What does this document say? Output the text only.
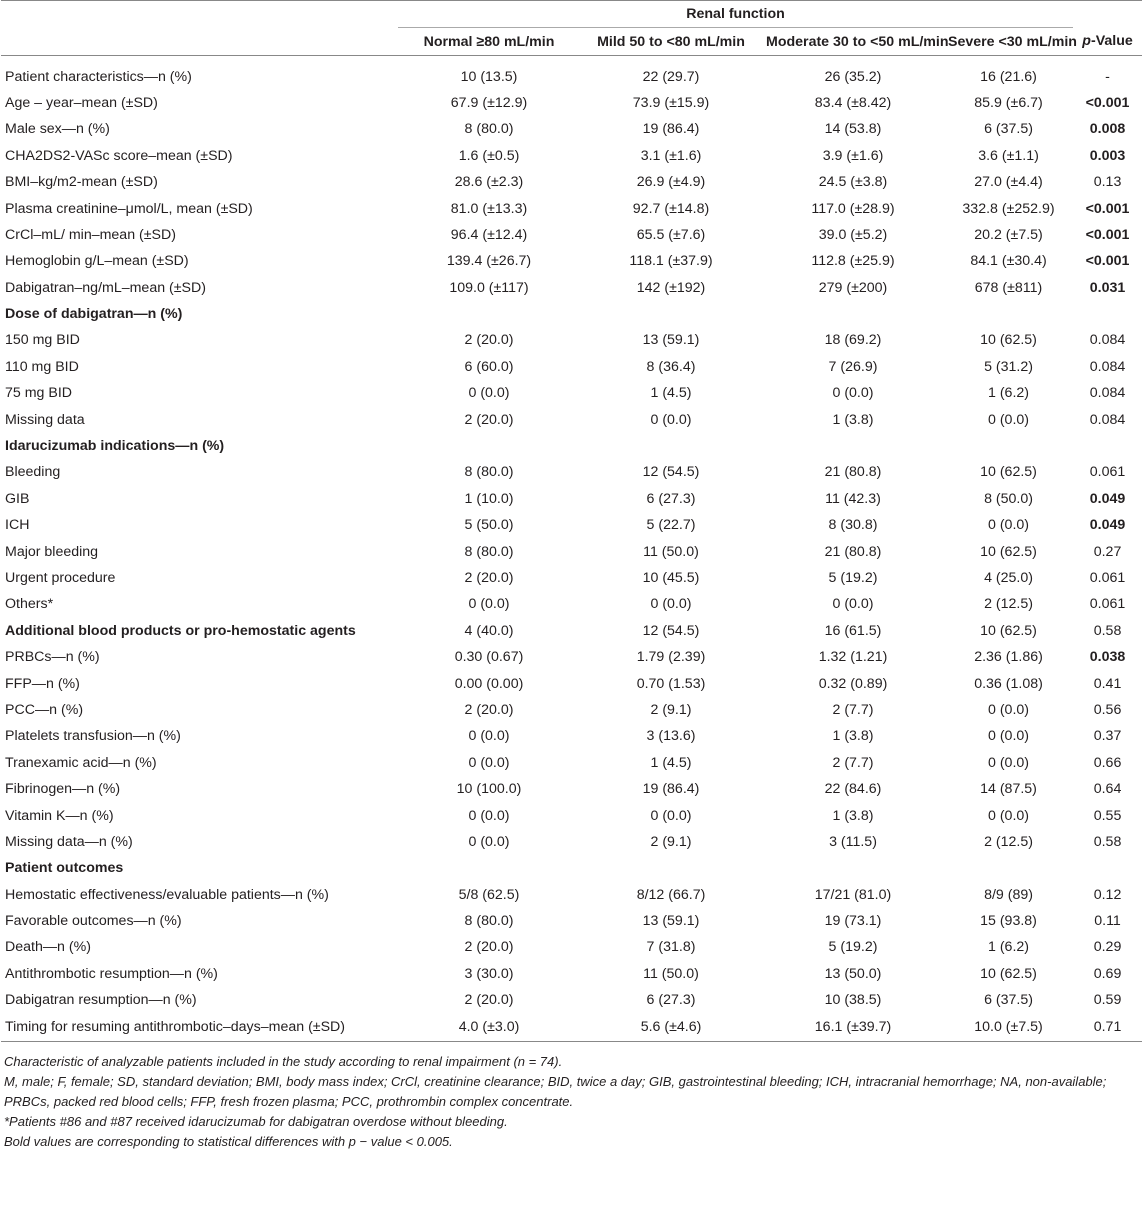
	Renal function				
	Normal ≥80 mL/min	Mild 50 to <80 mL/min	Moderate 30 to <50 mL/min	Severe <30 mL/min	p-Value
Patient characteristics—n (%)	10 (13.5)	22 (29.7)	26 (35.2)	16 (21.6)	-
Age – year–mean (±SD)	67.9 (±12.9)	73.9 (±15.9)	83.4 (±8.42)	85.9 (±6.7)	<0.001
Male sex—n (%)	8 (80.0)	19 (86.4)	14 (53.8)	6 (37.5)	0.008
CHA2DS2-VASc score–mean (±SD)	1.6 (±0.5)	3.1 (±1.6)	3.9 (±1.6)	3.6 (±1.1)	0.003
BMI–kg/m2-mean (±SD)	28.6 (±2.3)	26.9 (±4.9)	24.5 (±3.8)	27.0 (±4.4)	0.13
Plasma creatinine–μmol/L, mean (±SD)	81.0 (±13.3)	92.7 (±14.8)	117.0 (±28.9)	332.8 (±252.9)	<0.001
CrCl–mL/ min–mean (±SD)	96.4 (±12.4)	65.5 (±7.6)	39.0 (±5.2)	20.2 (±7.5)	<0.001
Hemoglobin g/L–mean (±SD)	139.4 (±26.7)	118.1 (±37.9)	112.8 (±25.9)	84.1 (±30.4)	<0.001
Dabigatran–ng/mL–mean (±SD)	109.0 (±117)	142 (±192)	279 (±200)	678 (±811)	0.031
Dose of dabigatran—n (%)					
150 mg BID	2 (20.0)	13 (59.1)	18 (69.2)	10 (62.5)	0.084
110 mg BID	6 (60.0)	8 (36.4)	7 (26.9)	5 (31.2)	0.084
75 mg BID	0 (0.0)	1 (4.5)	0 (0.0)	1 (6.2)	0.084
Missing data	2 (20.0)	0 (0.0)	1 (3.8)	0 (0.0)	0.084
Idarucizumab indications—n (%)					
Bleeding	8 (80.0)	12 (54.5)	21 (80.8)	10 (62.5)	0.061
GIB	1 (10.0)	6 (27.3)	11 (42.3)	8 (50.0)	0.049
ICH	5 (50.0)	5 (22.7)	8 (30.8)	0 (0.0)	0.049
Major bleeding	8 (80.0)	11 (50.0)	21 (80.8)	10 (62.5)	0.27
Urgent procedure	2 (20.0)	10 (45.5)	5 (19.2)	4 (25.0)	0.061
Others*	0 (0.0)	0 (0.0)	0 (0.0)	2 (12.5)	0.061
Additional blood products or pro-hemostatic agents	4 (40.0)	12 (54.5)	16 (61.5)	10 (62.5)	0.58
PRBCs—n (%)	0.30 (0.67)	1.79 (2.39)	1.32 (1.21)	2.36 (1.86)	0.038
FFP—n (%)	0.00 (0.00)	0.70 (1.53)	0.32 (0.89)	0.36 (1.08)	0.41
PCC—n (%)	2 (20.0)	2 (9.1)	2 (7.7)	0 (0.0)	0.56
Platelets transfusion—n (%)	0 (0.0)	3 (13.6)	1 (3.8)	0 (0.0)	0.37
Tranexamic acid—n (%)	0 (0.0)	1 (4.5)	2 (7.7)	0 (0.0)	0.66
Fibrinogen—n (%)	10 (100.0)	19 (86.4)	22 (84.6)	14 (87.5)	0.64
Vitamin K—n (%)	0 (0.0)	0 (0.0)	1 (3.8)	0 (0.0)	0.55
Missing data—n (%)	0 (0.0)	2 (9.1)	3 (11.5)	2 (12.5)	0.58
Patient outcomes					
Hemostatic effectiveness/evaluable patients—n (%)	5/8 (62.5)	8/12 (66.7)	17/21 (81.0)	8/9 (89)	0.12
Favorable outcomes—n (%)	8 (80.0)	13 (59.1)	19 (73.1)	15 (93.8)	0.11
Death—n (%)	2 (20.0)	7 (31.8)	5 (19.2)	1 (6.2)	0.29
Antithrombotic resumption—n (%)	3 (30.0)	11 (50.0)	13 (50.0)	10 (62.5)	0.69
Dabigatran resumption—n (%)	2 (20.0)	6 (27.3)	10 (38.5)	6 (37.5)	0.59
Timing for resuming antithrombotic–days–mean (±SD)	4.0 (±3.0)	5.6 (±4.6)	16.1 (±39.7)	10.0 (±7.5)	0.71
Characteristic of analyzable patients included in the study according to renal impairment (n = 74).
M, male; F, female; SD, standard deviation; BMI, body mass index; CrCl, creatinine clearance; BID, twice a day; GIB, gastrointestinal bleeding; ICH, intracranial hemorrhage; NA, non-available; PRBCs, packed red blood cells; FFP, fresh frozen plasma; PCC, prothrombin complex concentrate.
*Patients #86 and #87 received idarucizumab for dabigatran overdose without bleeding.
Bold values are corresponding to statistical differences with p − value < 0.005.
